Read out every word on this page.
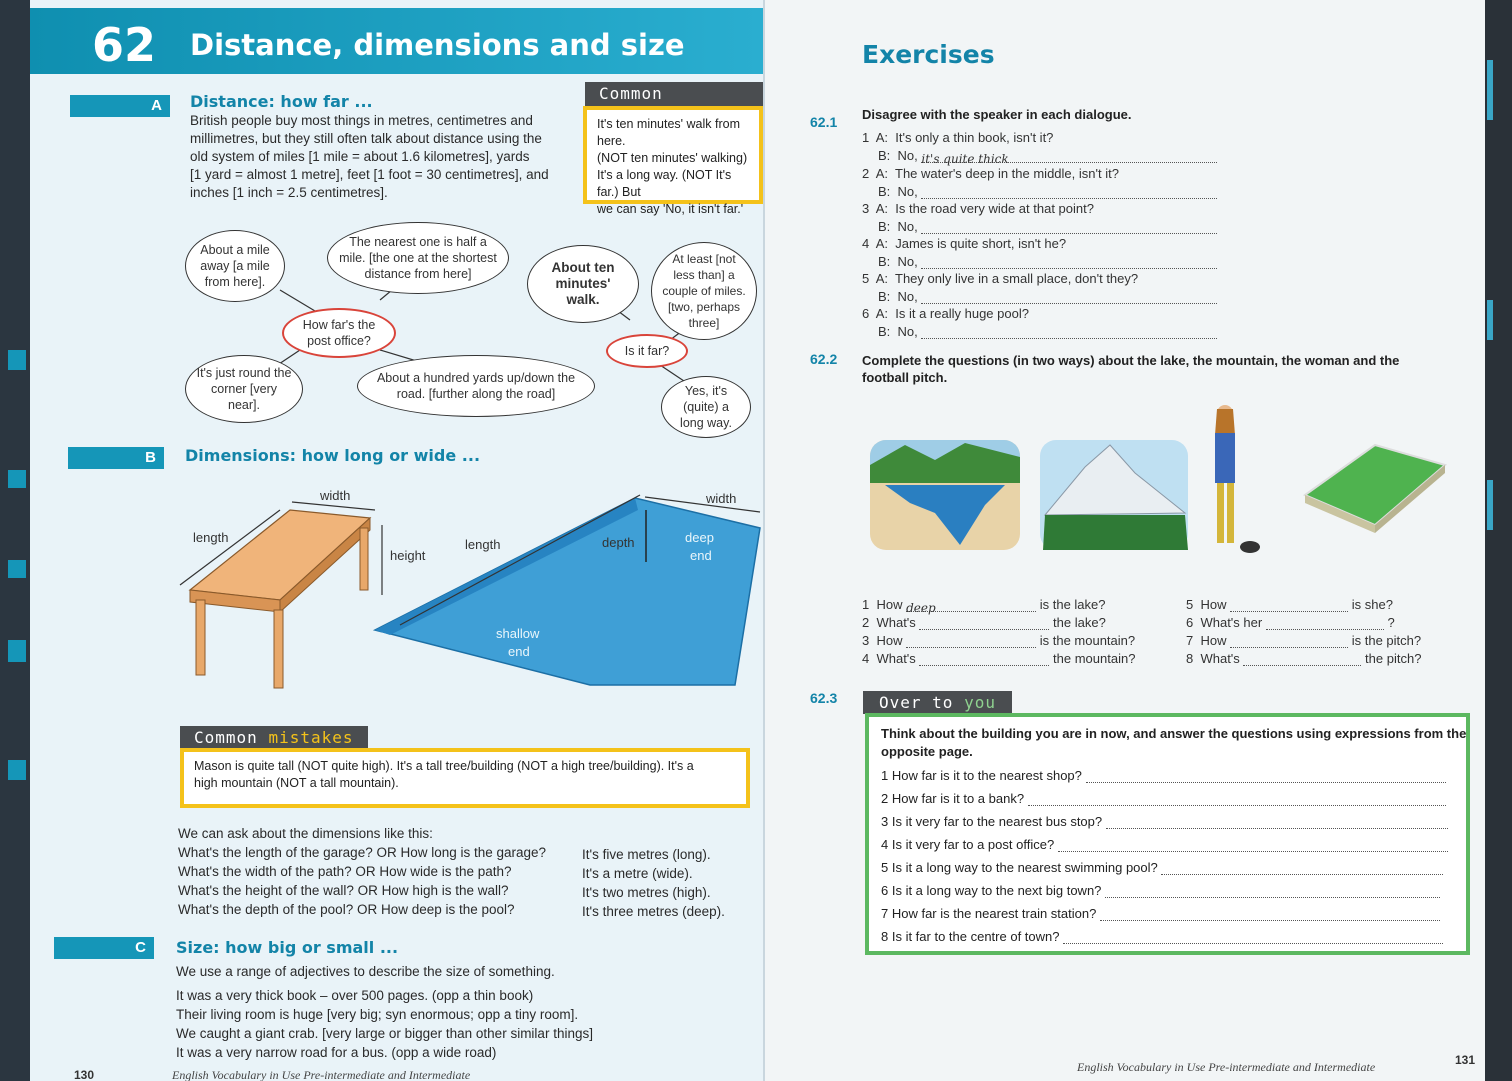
62 Distance, dimensions and size
A	Distance: how far ...
British people buy most things in metres, centimetres and
millimetres, but they still often talk about distance using the
old system of miles [1 mile = about 1.6 kilometres], yards
[1 yard = almost 1 metre], feet [1 foot = 30 centimetres], and
inches [1 inch = 2.5 centimetres].
Common
It's ten minutes' walk from here.
(NOT ten minutes' walking)
It's a long way. (NOT It's far.) But
we can say 'No, it isn't far.'
About a mile away [a mile from here].
The nearest one is half a mile. [the one at the shortest distance from here]
How far's the post office?
It's just round the corner [very near].
About a hundred yards up/down the road. [further along the road]
About ten minutes' walk.
At least [not less than] a couple of miles. [two, perhaps three]
Is it far?
Yes, it's (quite) a long way.
B	Dimensions: how long or wide ...
width
length
height
length	depth
width
deep
end
shallow
end
Common mistakes
Mason is quite tall (NOT quite high). It's a tall tree/building (NOT a high tree/building). It's a
high mountain (NOT a tall mountain).
We can ask about the dimensions like this:
What's the length of the garage? OR How long is the garage?
What's the width of the path? OR How wide is the path?
What's the height of the wall? OR How high is the wall?
What's the depth of the pool? OR How deep is the pool?
It's five metres (long).
It's a metre (wide).
It's two metres (high).
It's three metres (deep).
C	Size: how big or small ...
We use a range of adjectives to describe the size of something.
It was a very thick book – over 500 pages. (opp a thin book)
Their living room is huge [very big; syn enormous; opp a tiny room].
We caught a giant crab. [very large or bigger than other similar things]
It was a very narrow road for a bus. (opp a wide road)
130	English Vocabulary in Use Pre-intermediate and Intermediate
Exercises
62.1 Disagree with the speaker in each dialogue.
1  A:  It's only a thin book, isn't it?
B:  No, it's quite thick
2  A:  The water's deep in the middle, isn't it?
B:  No,
3  A:  Is the road very wide at that point?
B:  No,
4  A:  James is quite short, isn't he?
B:  No,
5  A:  They only live in a small place, don't they?
B:  No,
6  A:  Is it a really huge pool?
B:  No,
62.2 Complete the questions (in two ways) about the lake, the mountain, the woman and the football pitch.
1 How deep	is the lake?
2 What's	the lake?
3 How	is the mountain?
4 What's	the mountain?
5 How	is she?
6 What's her	?
7 How	is the pitch?
8 What's	the pitch?
62.3	Over to you
Think about the building you are in now, and answer the questions using expressions from the
opposite page.
1 How far is it to the nearest shop?
2 How far is it to a bank?
3 Is it very far to the nearest bus stop?
4 Is it very far to a post office?
5 Is it a long way to the nearest swimming pool?
6 Is it a long way to the next big town?
7 How far is the nearest train station?
8 Is it far to the centre of town?
English Vocabulary in Use Pre-intermediate and Intermediate	131
